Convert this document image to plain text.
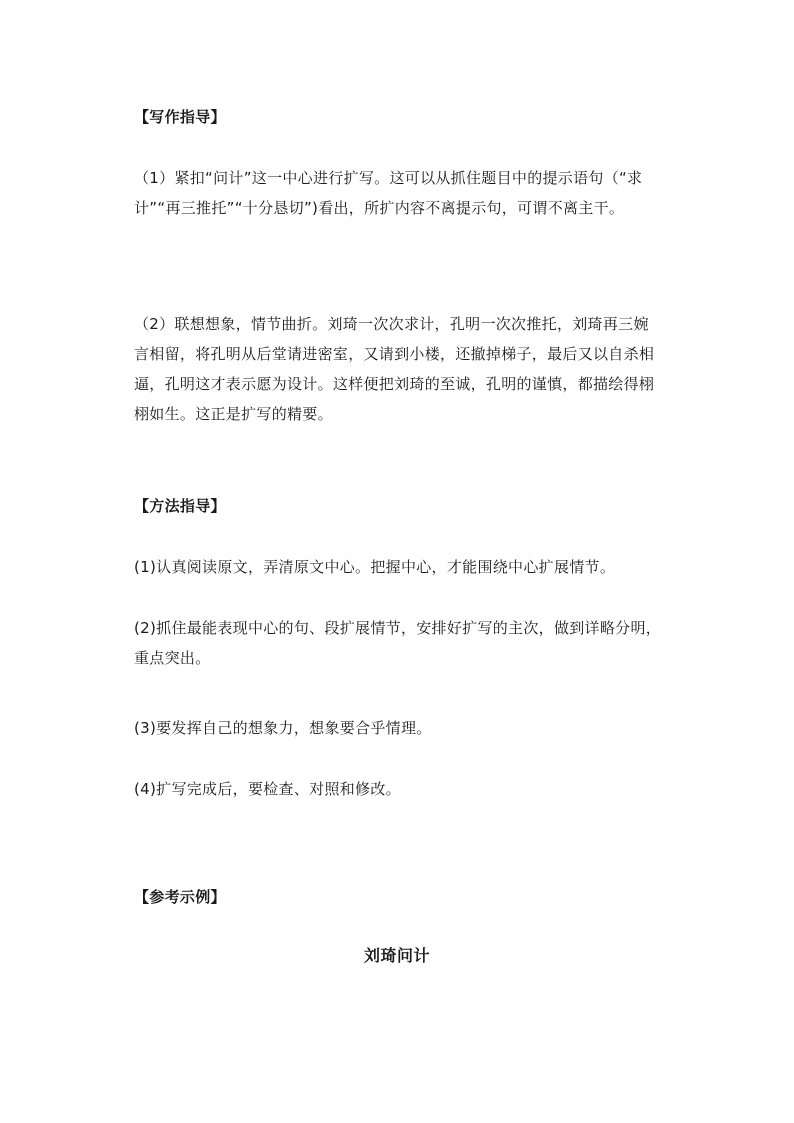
【写作指导】

（1）紧扣“问计”这一中心进行扩写。这可以从抓住题目中的提示语句（“求计”“再三推托”“十分恳切”)看出，所扩内容不离提示句，可谓不离主干。

（2）联想想象，情节曲折。刘琦一次次求计，孔明一次次推托，刘琦再三婉言相留，将孔明从后堂请进密室，又请到小楼，还撤掉梯子，最后又以自杀相逼，孔明这才表示愿为设计。这样便把刘琦的至诚，孔明的谨慎，都描绘得栩栩如生。这正是扩写的精要。

【方法指导】

(1)认真阅读原文，弄清原文中心。把握中心，才能围绕中心扩展情节。

(2)抓住最能表现中心的句、段扩展情节，安排好扩写的主次，做到详略分明，重点突出。

(3)要发挥自己的想象力，想象要合乎情理。

(4)扩写完成后，要检查、对照和修改。

【参考示例】

刘琦问计
